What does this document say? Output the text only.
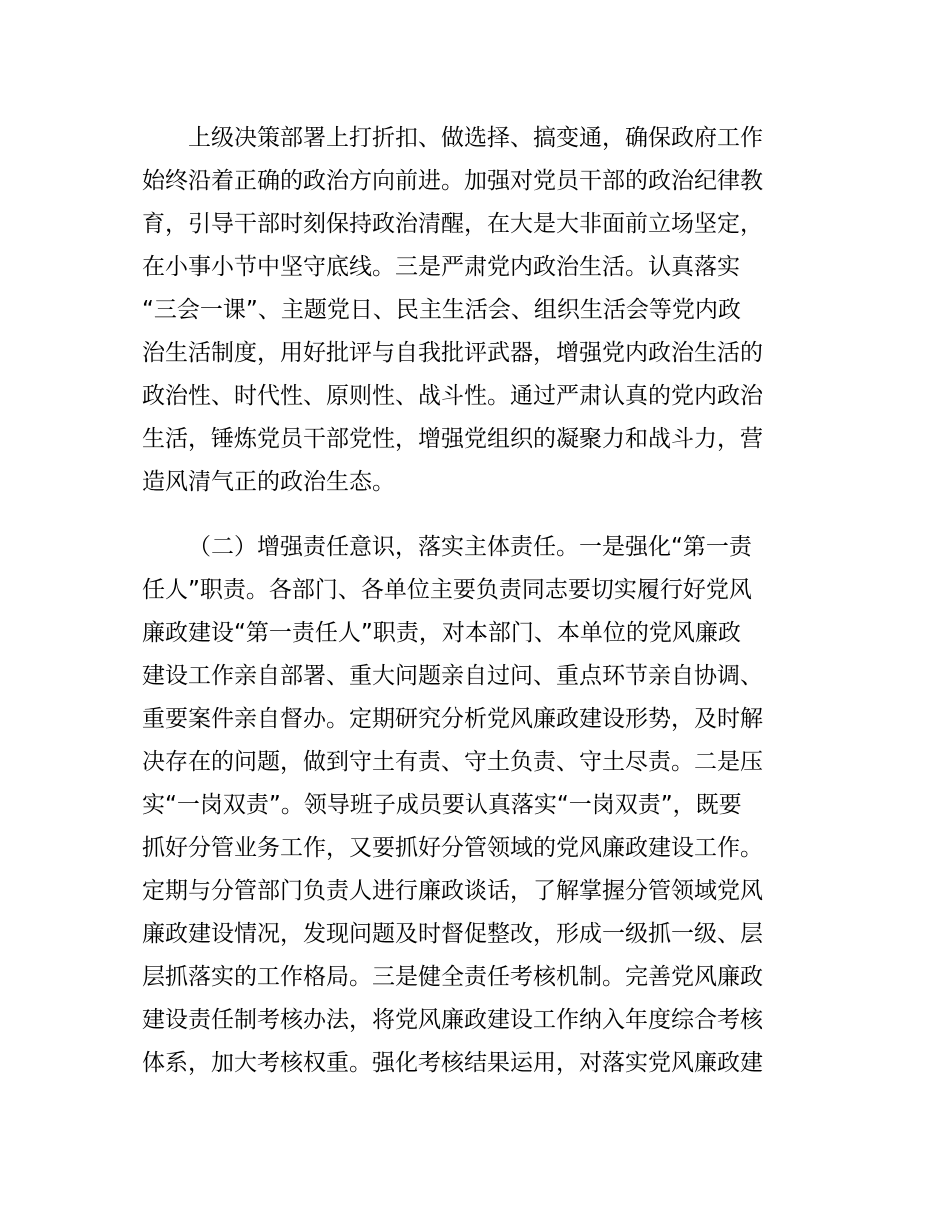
上级决策部署上打折扣、做选择、搞变通，确保政府工作
始终沿着正确的政治方向前进。加强对党员干部的政治纪律教
育，引导干部时刻保持政治清醒，在大是大非面前立场坚定，
在小事小节中坚守底线。三是严肃党内政治生活。认真落实
“三会一课”、主题党日、民主生活会、组织生活会等党内政
治生活制度，用好批评与自我批评武器，增强党内政治生活的
政治性、时代性、原则性、战斗性。通过严肃认真的党内政治
生活，锤炼党员干部党性，增强党组织的凝聚力和战斗力，营
造风清气正的政治生态。
（二）增强责任意识，落实主体责任。一是强化“第一责
任人”职责。各部门、各单位主要负责同志要切实履行好党风
廉政建设“第一责任人”职责，对本部门、本单位的党风廉政
建设工作亲自部署、重大问题亲自过问、重点环节亲自协调、
重要案件亲自督办。定期研究分析党风廉政建设形势，及时解
决存在的问题，做到守土有责、守土负责、守土尽责。二是压
实“一岗双责”。领导班子成员要认真落实“一岗双责”，既要
抓好分管业务工作，又要抓好分管领域的党风廉政建设工作。
定期与分管部门负责人进行廉政谈话，了解掌握分管领域党风
廉政建设情况，发现问题及时督促整改，形成一级抓一级、层
层抓落实的工作格局。三是健全责任考核机制。完善党风廉政
建设责任制考核办法，将党风廉政建设工作纳入年度综合考核
体系，加大考核权重。强化考核结果运用，对落实党风廉政建
